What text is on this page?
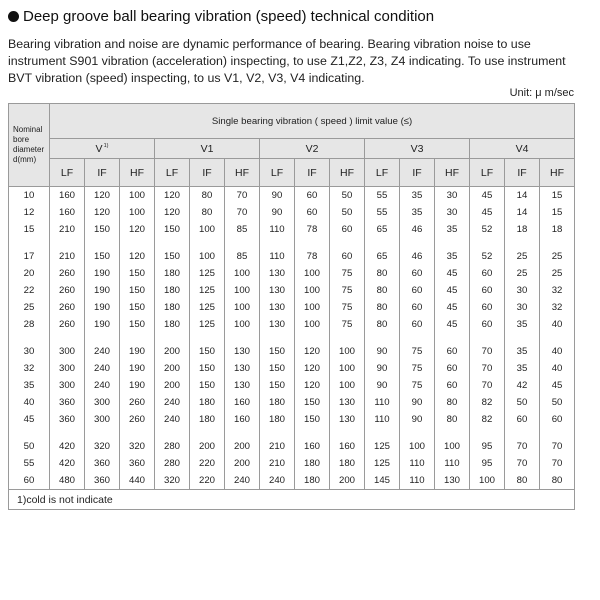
Deep groove ball bearing vibration (speed) technical condition
Bearing vibration and noise are dynamic performance of bearing. Bearing vibration noise to use instrument S901 vibration (acceleration) inspecting, to use Z1,Z2, Z3, Z4 indicating. To use instrument BVT vibration (speed) inspecting, to us V1, V2, V3, V4 indicating.
Unit: μ m/sec
Nominal
bore
diameter
d(mm)	Single bearing vibration ( speed ) limit value (≤)														
	$V^{1)}$			V1			V2			V3			V4		
	LF	IF	HF	LF	IF	HF	LF	IF	HF	LF	IF	HF	LF	IF	HF
10	160	120	100	120	80	70	90	60	50	55	35	30	45	14	15
12	160	120	100	120	80	70	90	60	50	55	35	30	45	14	15
15	210	150	120	150	100	85	110	78	60	65	46	35	52	18	18

17	210	150	120	150	100	85	110	78	60	65	46	35	52	25	25
20	260	190	150	180	125	100	130	100	75	80	60	45	60	25	25
22	260	190	150	180	125	100	130	100	75	80	60	45	60	30	32
25	260	190	150	180	125	100	130	100	75	80	60	45	60	30	32
28	260	190	150	180	125	100	130	100	75	80	60	45	60	35	40

30	300	240	190	200	150	130	150	120	100	90	75	60	70	35	40
32	300	240	190	200	150	130	150	120	100	90	75	60	70	35	40
35	300	240	190	200	150	130	150	120	100	90	75	60	70	42	45
40	360	300	260	240	180	160	180	150	130	110	90	80	82	50	50
45	360	300	260	240	180	160	180	150	130	110	90	80	82	60	60

50	420	320	320	280	200	200	210	160	160	125	100	100	95	70	70
55	420	360	360	280	220	200	210	180	180	125	110	110	95	70	70
60	480	360	440	320	220	240	240	180	200	145	110	130	100	80	80
1)cold is not indicate															
